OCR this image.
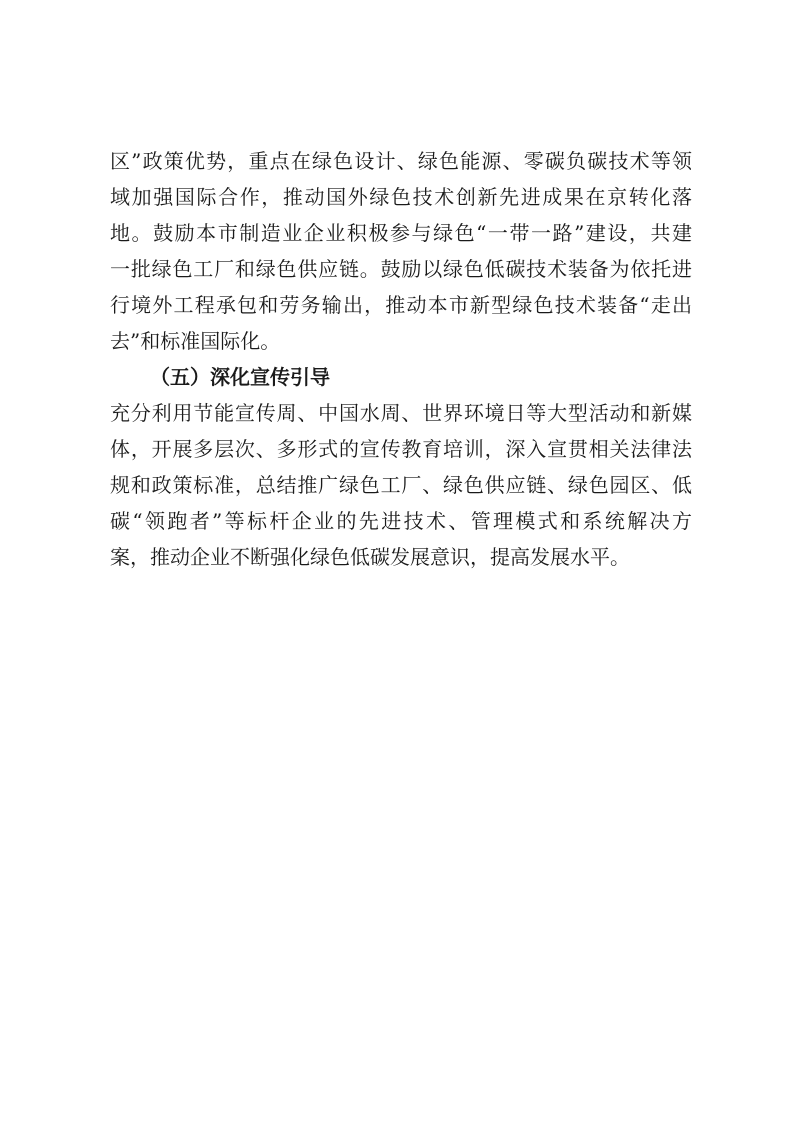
区”政策优势，重点在绿色设计、绿色能源、零碳负碳技术等领
域加强国际合作，推动国外绿色技术创新先进成果在京转化落
地。鼓励本市制造业企业积极参与绿色“一带一路”建设，共建
一批绿色工厂和绿色供应链。鼓励以绿色低碳技术装备为依托进
行境外工程承包和劳务输出，推动本市新型绿色技术装备“走出
去”和标准国际化。
（五）深化宣传引导
充分利用节能宣传周、中国水周、世界环境日等大型活动和新媒
体，开展多层次、多形式的宣传教育培训，深入宣贯相关法律法
规和政策标准，总结推广绿色工厂、绿色供应链、绿色园区、低
碳“领跑者”等标杆企业的先进技术、管理模式和系统解决方
案，推动企业不断强化绿色低碳发展意识，提高发展水平。
